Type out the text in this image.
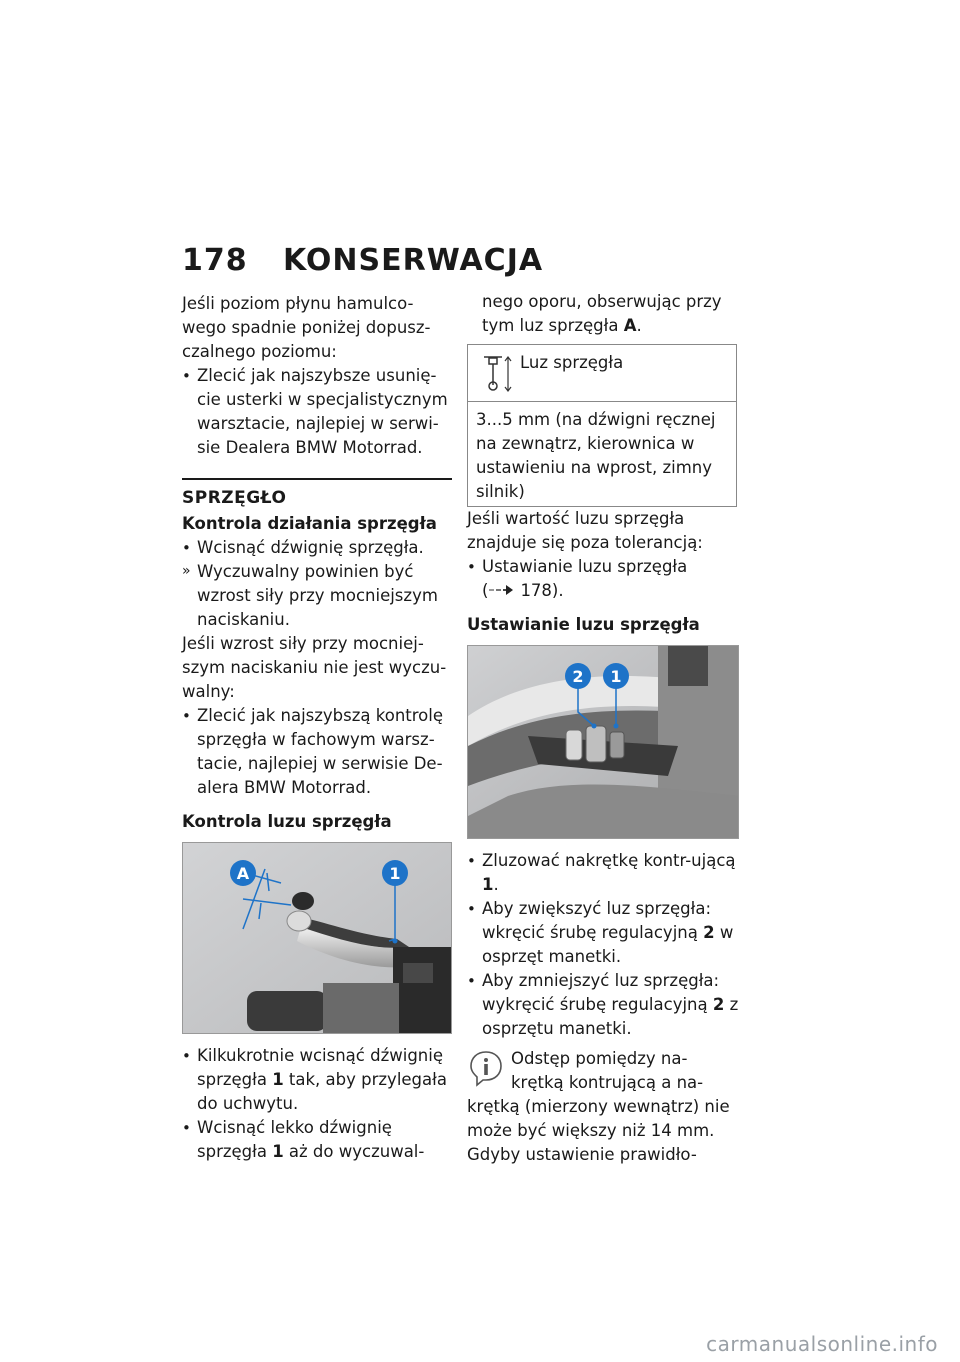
178 KONSERWACJA

Jeśli poziom płynu hamulco-wego spadnie poniżej dopusz-czalnego poziomu:

• Zlecić jak najszybsze usunię-cie usterki w specjalistycznym warsztacie, najlepiej w serwi-sie Dealera BMW Motorrad.

SPRZĘGŁO
Kontrola działania sprzęgła

• Wcisnąć dźwignię sprzęgła.

» Wyczuwalny powinien być wzrost siły przy mocniejszym naciskaniu.

Jeśli wzrost siły przy mocniej-szym naciskaniu nie jest wyczu-walny:

• Zlecić jak najszybszą kontrolę sprzęgła w fachowym warsz-tacie, najlepiej w serwisie De-alera BMW Motorrad.

Kontrola luzu sprzęgła
A	1

• Kilkukrotnie wcisnąć dźwignię sprzęgła 1 tak, aby przylegała do uchwytu.

• Wcisnąć lekko dźwignię sprzęgła 1 aż do wyczuwal-

nego oporu, obserwując przy tym luz sprzęgła A.

Luz sprzęgła
3...5 mm (na dźwigni ręcznej na zewnątrz, kierownica w ustawieniu na wprost, zimny silnik)

Jeśli wartość luzu sprzęgła znajduje się poza tolerancją:

• Ustawianie luzu sprzęgła

( 178).

Ustawianie luzu sprzęgła
2 1

• Zluzować nakrętkę kontr-ującą 1.

• Aby zwiększyć luz sprzęgła: wkręcić śrubę regulacyjną 2 w osprzęt manetki.

• Aby zmniejszyć luz sprzęgła: wykręcić śrubę regulacyjną 2 z osprzętu manetki.

Odstęp pomiędzy na-krętką kontrującą a na-

krętką (mierzony wewnątrz) nie może być większy niż 14 mm. Gdyby ustawienie prawidło-

carmanualsonline.info
